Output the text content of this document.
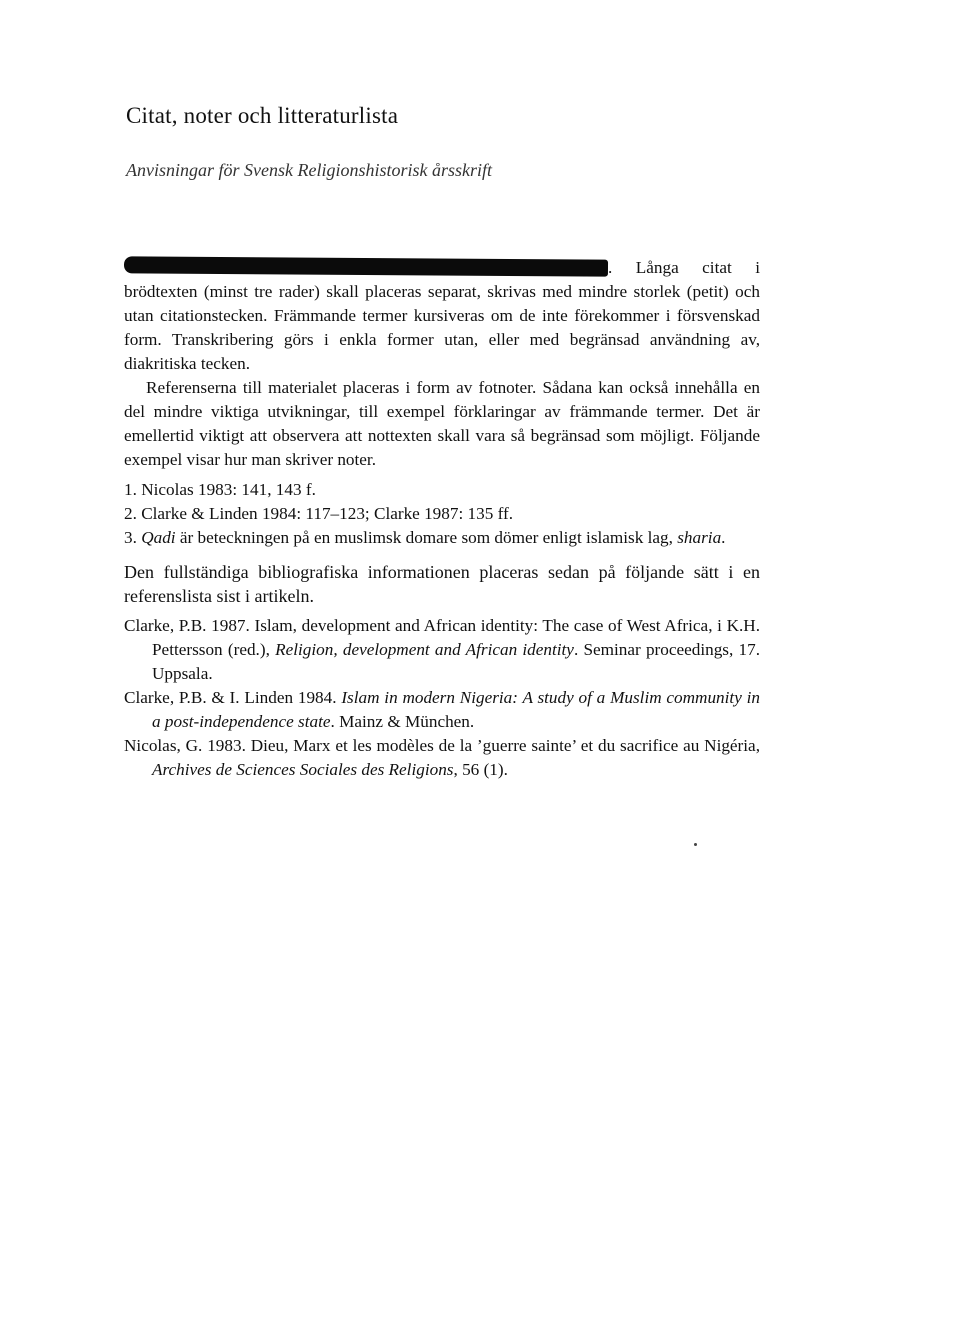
Citat, noter och litteraturlista

Anvisningar för Svensk Religionshistorisk årsskrift

. Långa citat i brödtexten (minst tre rader) skall placeras separat, skrivas med mindre storlek (petit) och utan citationstecken. Främmande termer kursiveras om de inte förekommer i försvenskad form. Transkribering görs i enkla former utan, eller med begränsad användning av, diakritiska tecken.

Referenserna till materialet placeras i form av fotnoter. Sådana kan också innehålla en del mindre viktiga utvikningar, till exempel förklaringar av främmande termer. Det är emellertid viktigt att observera att nottexten skall vara så begränsad som möjligt. Följande exempel visar hur man skriver noter.

1. Nicolas 1983: 141, 143 f.

2. Clarke & Linden 1984: 117–123; Clarke 1987: 135 ff.

3. Qadi är beteckningen på en muslimsk domare som dömer enligt islamisk lag, sharia.

Den fullständiga bibliografiska informationen placeras sedan på följande sätt i en referenslista sist i artikeln.

Clarke, P.B. 1987. Islam, development and African identity: The case of West Africa, i K.H. Pettersson (red.), Religion, development and African identity. Seminar proceedings, 17. Uppsala.

Clarke, P.B. & I. Linden 1984. Islam in modern Nigeria: A study of a Muslim community in a post-independence state. Mainz & München.

Nicolas, G. 1983. Dieu, Marx et les modèles de la ’guerre sainte’ et du sacrifice au Nigéria, Archives de Sciences Sociales des Religions, 56 (1).
